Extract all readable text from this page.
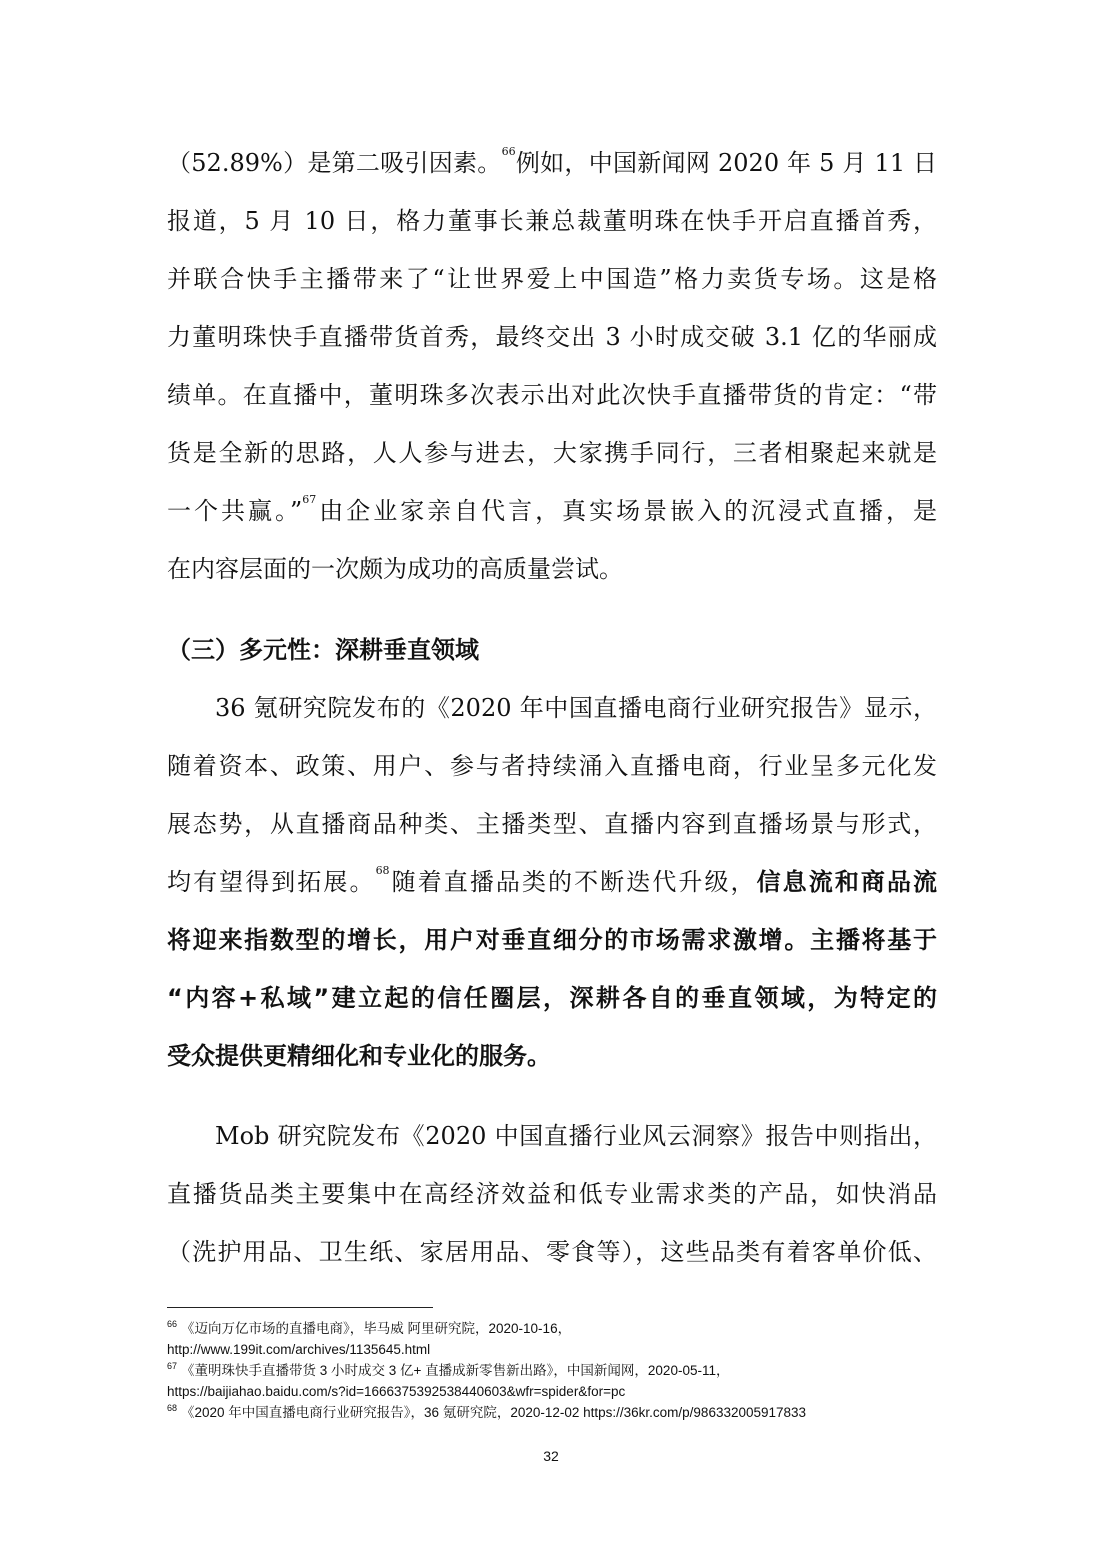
（52.89%）是第二吸引因素。$^{66}$例如，中国新闻网 2020 年 5 月 11 日
报道，5 月 10 日，格力董事长兼总裁董明珠在快手开启直播首秀，
并联合快手主播带来了“让世界爱上中国造”格力卖货专场。这是格
力董明珠快手直播带货首秀，最终交出 3 小时成交破 3.1 亿的华丽成
绩单。在直播中，董明珠多次表示出对此次快手直播带货的肯定：“带
货是全新的思路，人人参与进去，大家携手同行，三者相聚起来就是
一个共赢。”$^{67}$由企业家亲自代言，真实场景嵌入的沉浸式直播，是
在内容层面的一次颇为成功的高质量尝试。
（三）多元性：深耕垂直领域
36 氪研究院发布的《2020 年中国直播电商行业研究报告》显示，
随着资本、政策、用户、参与者持续涌入直播电商，行业呈多元化发
展态势，从直播商品种类、主播类型、直播内容到直播场景与形式，
均有望得到拓展。$^{68}$随着直播品类的不断迭代升级，信息流和商品流
将迎来指数型的增长，用户对垂直细分的市场需求激增。主播将基于
“内容+私域”建立起的信任圈层，深耕各自的垂直领域，为特定的
受众提供更精细化和专业化的服务。
Mob 研究院发布《2020 中国直播行业风云洞察》报告中则指出，
直播货品类主要集中在高经济效益和低专业需求类的产品，如快消品
（洗护用品、卫生纸、家居用品、零食等），这些品类有着客单价低、
$^{66}$ 《迈向万亿市场的直播电商》，毕马威 阿里研究院，2020-10-16，
http://www.199it.com/archives/1135645.html
$^{67}$ 《董明珠快手直播带货 3 小时成交 3 亿+ 直播成新零售新出路》，中国新闻网，2020-05-11，
https://baijiahao.baidu.com/s?id=1666375392538440603&wfr=spider&for=pc
$^{68}$ 《2020 年中国直播电商行业研究报告》，36 氪研究院，2020-12-02 https://36kr.com/p/986332005917833
32
